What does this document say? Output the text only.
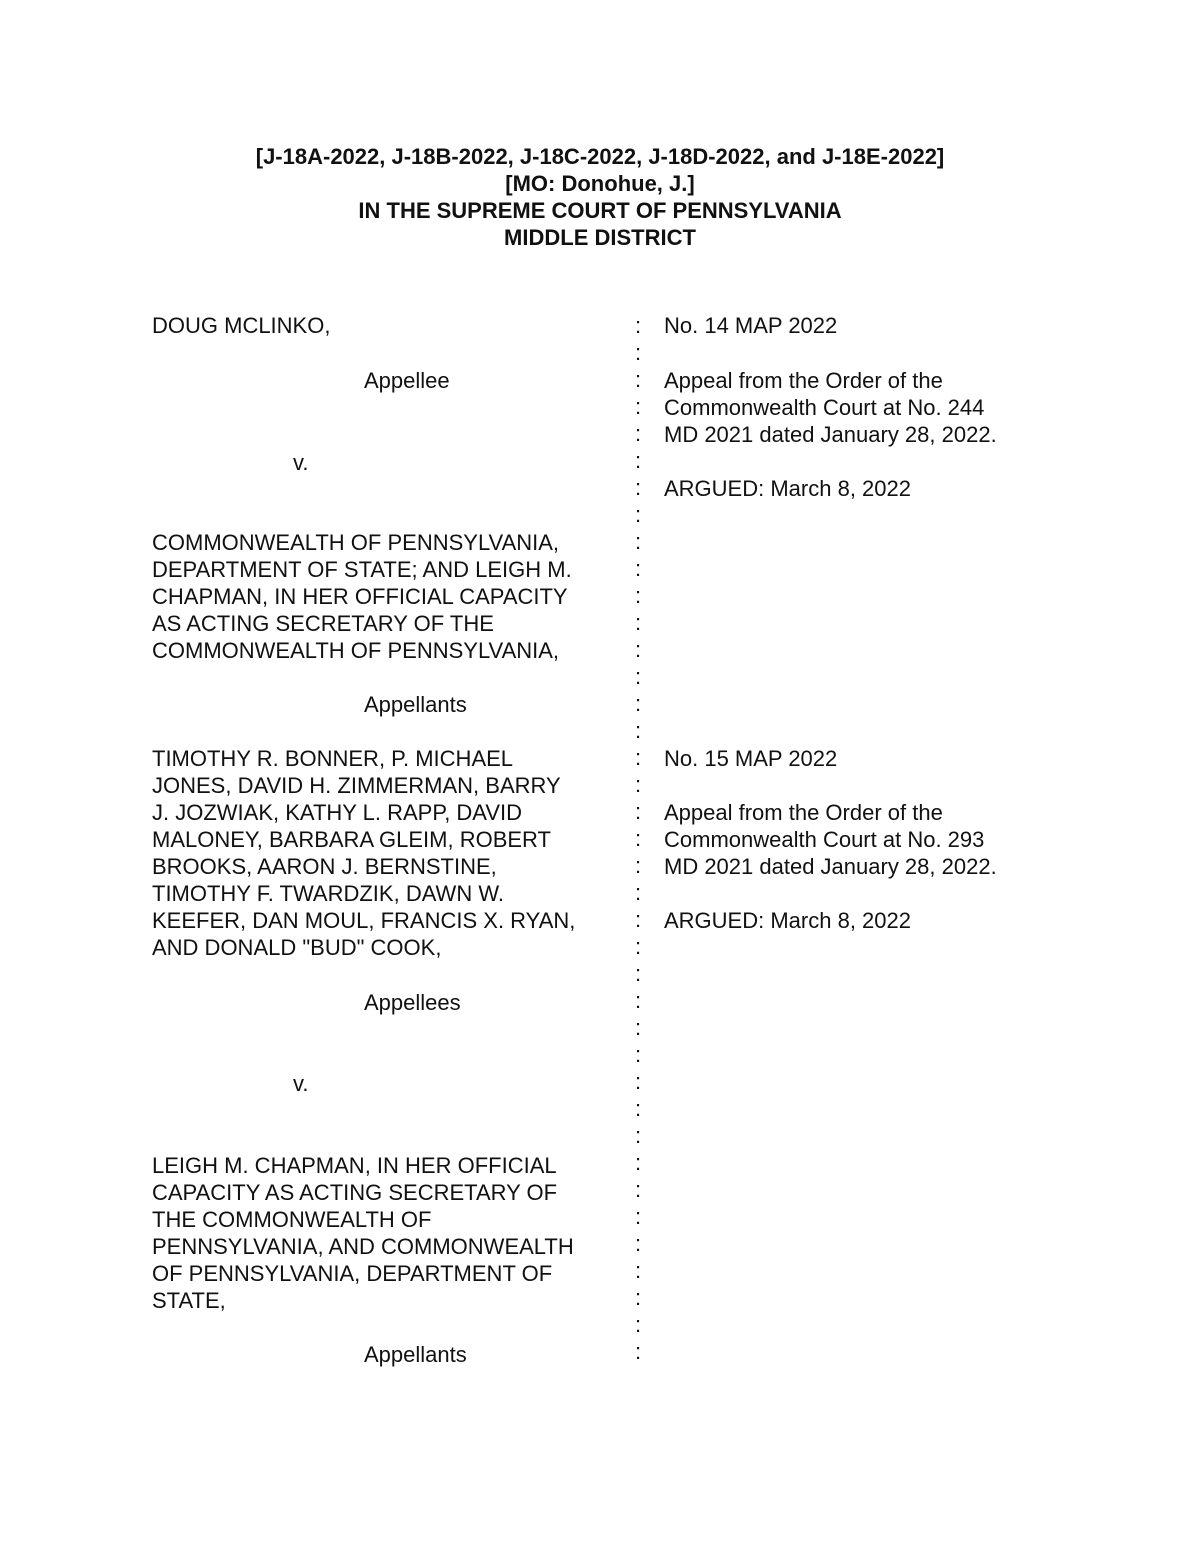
[J-18A-2022, J-18B-2022, J-18C-2022, J-18D-2022, and J-18E-2022]
[MO: Donohue, J.]
IN THE SUPREME COURT OF PENNSYLVANIA
MIDDLE DISTRICT
DOUG MCLINKO,
Appellee
v.
COMMONWEALTH OF PENNSYLVANIA,
DEPARTMENT OF STATE; AND LEIGH M.
CHAPMAN, IN HER OFFICIAL CAPACITY
AS ACTING SECRETARY OF THE
COMMONWEALTH OF PENNSYLVANIA,
Appellants
No. 14 MAP 2022
Appeal from the Order of the
Commonwealth Court at No. 244
MD 2021 dated January 28, 2022.
ARGUED: March 8, 2022
TIMOTHY R. BONNER, P. MICHAEL
JONES, DAVID H. ZIMMERMAN, BARRY
J. JOZWIAK, KATHY L. RAPP, DAVID
MALONEY, BARBARA GLEIM, ROBERT
BROOKS, AARON J. BERNSTINE,
TIMOTHY F. TWARDZIK, DAWN W.
KEEFER, DAN MOUL, FRANCIS X. RYAN,
AND DONALD "BUD" COOK,
Appellees
v.
LEIGH M. CHAPMAN, IN HER OFFICIAL
CAPACITY AS ACTING SECRETARY OF
THE COMMONWEALTH OF
PENNSYLVANIA, AND COMMONWEALTH
OF PENNSYLVANIA, DEPARTMENT OF
STATE,
Appellants
No. 15 MAP 2022
Appeal from the Order of the
Commonwealth Court at No. 293
MD 2021 dated January 28, 2022.
ARGUED: March 8, 2022
:
:
:
:
:
:
:
:
:
:
:
:
:
:
:
:
:
:
:
:
:
:
:
:
:
:
:
:
:
:
:
:
:
:
:
:
:
:
:
